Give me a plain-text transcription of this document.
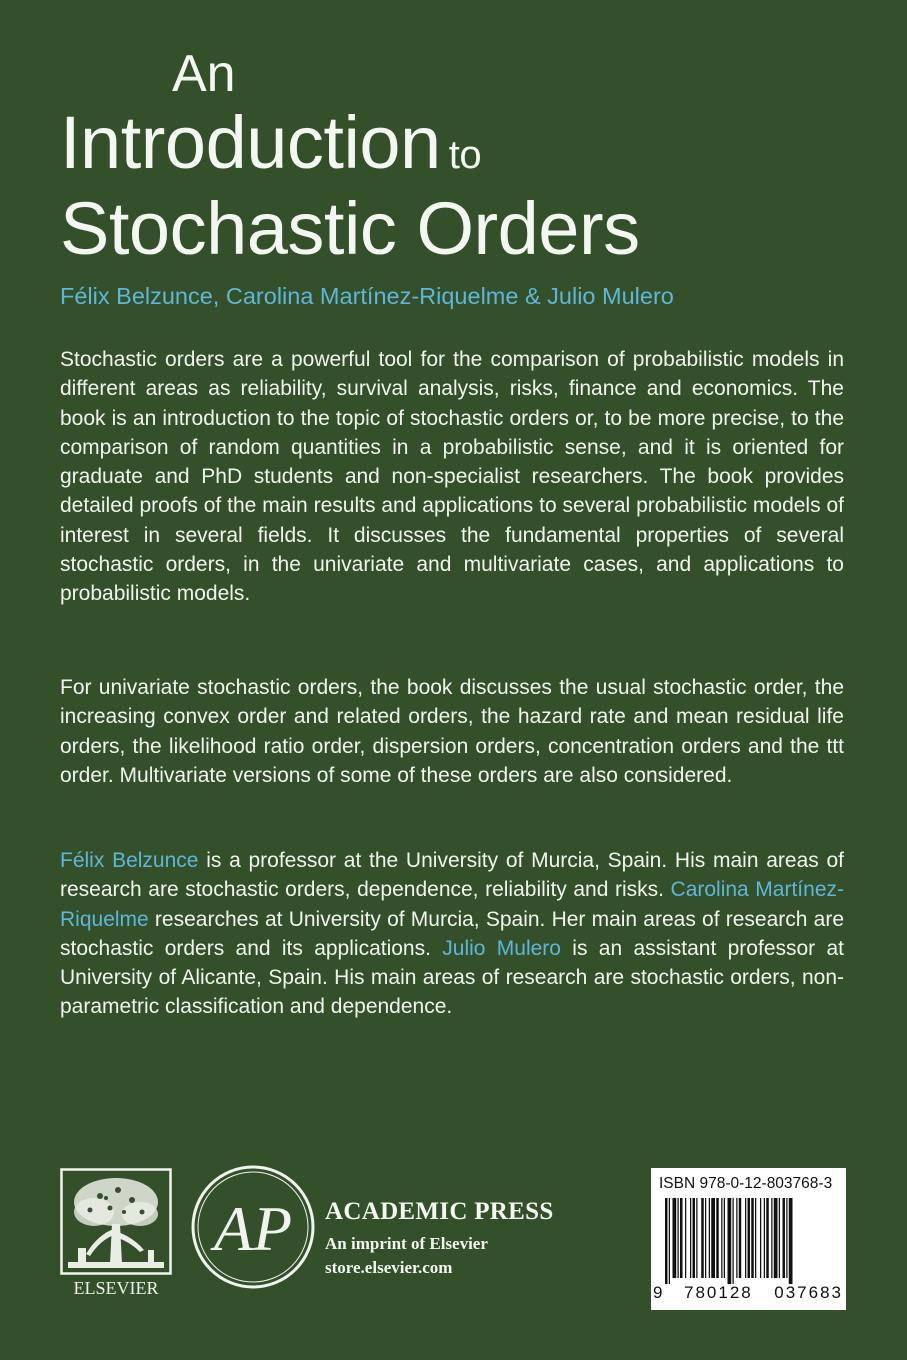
An
Introduction to
Stochastic Orders
Félix Belzunce, Carolina Martínez-Riquelme & Julio Mulero

Stochastic orders are a powerful tool for the comparison of probabilistic models in different areas as reliability, survival analysis, risks, finance and economics. The book is an introduction to the topic of stochastic orders or, to be more precise, to the comparison of random quantities in a probabilistic sense, and it is oriented for graduate and PhD students and non-specialist researchers. The book provides detailed proofs of the main results and applications to several probabilistic models of interest in several fields. It discusses the fundamental properties of several stochastic orders, in the univariate and multivariate cases, and applications to probabilistic models.

For univariate stochastic orders, the book discusses the usual stochastic order, the increasing convex order and related orders, the hazard rate and mean residual life orders, the likelihood ratio order, dispersion orders, concentration orders and the ttt order. Multivariate versions of some of these orders are also considered.

Félix Belzunce is a professor at the University of Murcia, Spain. His main areas of research are stochastic orders, dependence, reliability and risks. Carolina Martínez-Riquelme researches at University of Murcia, Spain. Her main areas of research are stochastic orders and its applications. Julio Mulero is an assistant professor at University of Alicante, Spain. His main areas of research are stochastic orders, non-parametric classification and dependence.

ELSEVIER
AP ACADEMIC PRESS
An imprint of Elsevier
store.elsevier.com
ISBN 978-0-12-803768-3
9 780128 037683
